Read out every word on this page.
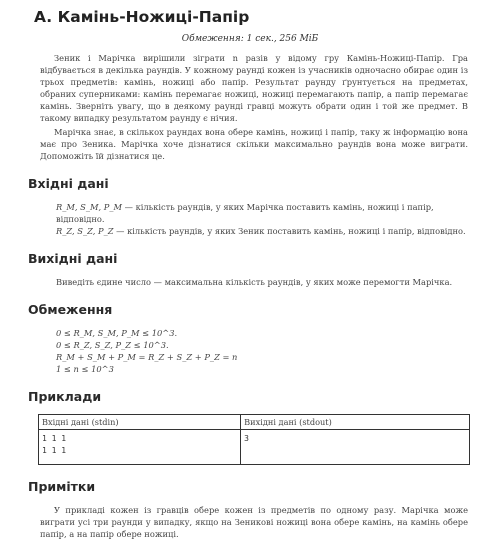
A. Камінь-Ножиці-Папір
Обмеження: 1 сек., 256 МіБ

Зеник і Марічка вирішили зіграти n разів у відому гру Камінь-Ножиці-Папір. Гра відбувається в декілька раундів. У кожному раунді кожен із учасників одночасно обирає один із трьох предметів: камінь, ножиці або папір. Результат раунду ґрунтується на предметах, обраних суперниками: камінь перемагає ножиці, ножиці перемагають папір, а папір перемагає камінь. Зверніть увагу, що в деякому раунді гравці можуть обрати один і той же предмет. В такому випадку результатом раунду є нічия.

Марічка знає, в скількох раундах вона обере камінь, ножиці і папір, таку ж інформацію вона має про Зеника. Марічка хоче дізнатися скільки максимально раундів вона може виграти. Допоможіть їй дізнатися це.

Вхідні дані
R_M, S_M, P_M — кількість раундів, у яких Марічка поставить камінь, ножиці і папір, відповідно.
R_Z, S_Z, P_Z — кількість раундів, у яких Зеник поставить камінь, ножиці і папір, відповідно.
Вихідні дані
Виведіть єдине число — максимальна кількість раундів, у яких може перемогти Марічка.
Обмеження
0 ≤ R_M, S_M, P_M ≤ 10^3.
0 ≤ R_Z, S_Z, P_Z ≤ 10^3.
R_M + S_M + P_M = R_Z + S_Z + P_Z = n
1 ≤ n ≤ 10^3
Приклади
Вхідні дані (stdin)	Вихідні дані (stdout)

1 1 1
1 1 1	3
Примітки

У прикладі кожен із гравців обере кожен із предметів по одному разу. Марічка може виграти усі три раунди у випадку, якщо на Зеникові ножиці вона обере камінь, на камінь обере папір, а на папір обере ножиці.
